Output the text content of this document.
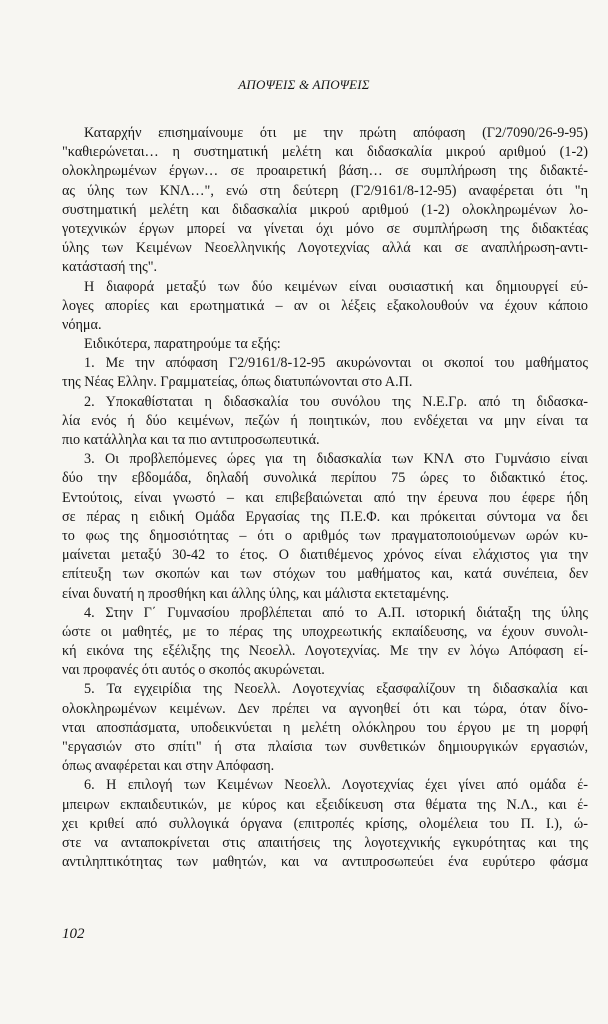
ΑΠΟΨΕΙΣ & ΑΠΟΨΕΙΣ
Καταρχήν επισημαίνουμε ότι με την πρώτη απόφαση (Γ2/7090/26-9-95)
"καθιερώνεται… η συστηματική μελέτη και διδασκαλία μικρού αριθμού (1-2)
ολοκληρωμένων έργων… σε προαιρετική βάση… σε συμπλήρωση της διδακτέ-
ας ύλης των ΚΝΛ…", ενώ στη δεύτερη (Γ2/9161/8-12-95) αναφέρεται ότι "η
συστηματική μελέτη και διδασκαλία μικρού αριθμού (1-2) ολοκληρωμένων λο-
γοτεχνικών έργων μπορεί να γίνεται όχι μόνο σε συμπλήρωση της διδακτέας
ύλης των Κειμένων Νεοελληνικής Λογοτεχνίας αλλά και σε αναπλήρωση-αντι-
κατάστασή της".
Η διαφορά μεταξύ των δύο κειμένων είναι ουσιαστική και δημιουργεί εύ-
λογες απορίες και ερωτηματικά – αν οι λέξεις εξακολουθούν να έχουν κάποιο
νόημα.
Ειδικότερα, παρατηρούμε τα εξής:
1. Με την απόφαση Γ2/9161/8-12-95 ακυρώνονται οι σκοποί του μαθήματος
της Νέας Ελλην. Γραμματείας, όπως διατυπώνονται στο Α.Π.
2. Υποκαθίσταται η διδασκαλία του συνόλου της Ν.Ε.Γρ. από τη διδασκα-
λία ενός ή δύο κειμένων, πεζών ή ποιητικών, που ενδέχεται να μην είναι τα
πιο κατάλληλα και τα πιο αντιπροσωπευτικά.
3. Οι προβλεπόμενες ώρες για τη διδασκαλία των ΚΝΛ στο Γυμνάσιο είναι
δύο την εβδομάδα, δηλαδή συνολικά περίπου 75 ώρες το διδακτικό έτος.
Εντούτοις, είναι γνωστό – και επιβεβαιώνεται από την έρευνα που έφερε ήδη
σε πέρας η ειδική Ομάδα Εργασίας της Π.Ε.Φ. και πρόκειται σύντομα να δει
το φως της δημοσιότητας – ότι ο αριθμός των πραγματοποιούμενων ωρών κυ-
μαίνεται μεταξύ 30-42 το έτος. Ο διατιθέμενος χρόνος είναι ελάχιστος για την
επίτευξη των σκοπών και των στόχων του μαθήματος και, κατά συνέπεια, δεν
είναι δυνατή η προσθήκη και άλλης ύλης, και μάλιστα εκτεταμένης.
4. Στην Γ΄ Γυμνασίου προβλέπεται από το Α.Π. ιστορική διάταξη της ύλης
ώστε οι μαθητές, με το πέρας της υποχρεωτικής εκπαίδευσης, να έχουν συνολι-
κή εικόνα της εξέλιξης της Νεοελλ. Λογοτεχνίας. Με την εν λόγω Απόφαση εί-
ναι προφανές ότι αυτός ο σκοπός ακυρώνεται.
5. Τα εγχειρίδια της Νεοελλ. Λογοτεχνίας εξασφαλίζουν τη διδασκαλία και
ολοκληρωμένων κειμένων. Δεν πρέπει να αγνοηθεί ότι και τώρα, όταν δίνο-
νται αποσπάσματα, υποδεικνύεται η μελέτη ολόκληρου του έργου με τη μορφή
"εργασιών στο σπίτι" ή στα πλαίσια των συνθετικών δημιουργικών εργασιών,
όπως αναφέρεται και στην Απόφαση.
6. Η επιλογή των Κειμένων Νεοελλ. Λογοτεχνίας έχει γίνει από ομάδα έ-
μπειρων εκπαιδευτικών, με κύρος και εξειδίκευση στα θέματα της Ν.Λ., και έ-
χει κριθεί από συλλογικά όργανα (επιτροπές κρίσης, ολομέλεια του Π. Ι.), ώ-
στε να ανταποκρίνεται στις απαιτήσεις της λογοτεχνικής εγκυρότητας και της
αντιληπτικότητας των μαθητών, και να αντιπροσωπεύει ένα ευρύτερο φάσμα
102
